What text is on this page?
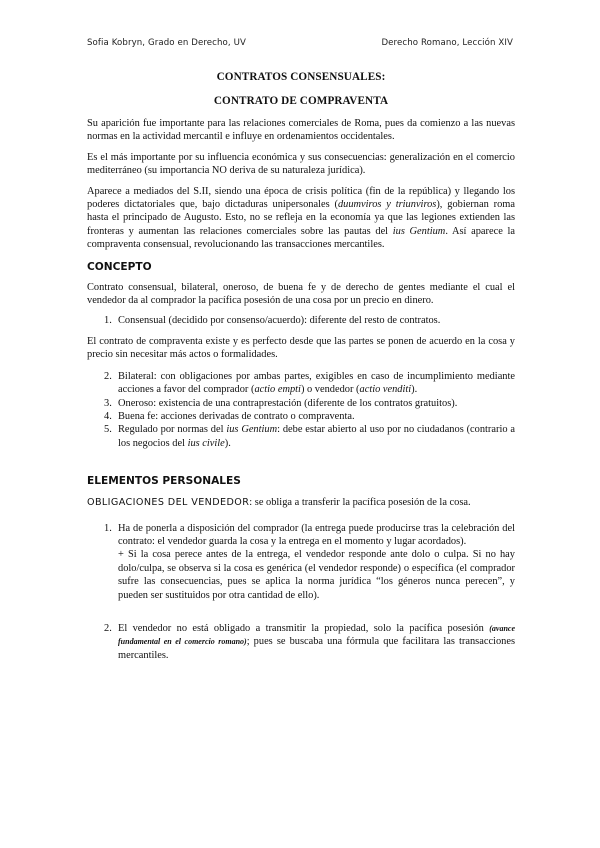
Sofia Kobryn, Grado en Derecho, UV	Derecho Romano, Lección XIV
CONTRATOS CONSENSUALES:
CONTRATO DE COMPRAVENTA

Su aparición fue importante para las relaciones comerciales de Roma, pues da comienzo a las nuevas normas en la actividad mercantil e influye en ordenamientos occidentales.

Es el más importante por su influencia económica y sus consecuencias: generalización en el comercio mediterráneo (su importancia NO deriva de su naturaleza jurídica).

Aparece a mediados del S.II, siendo una época de crisis política (fin de la república) y llegando los poderes dictatoriales que, bajo dictaduras unipersonales (duumviros y triunviros), gobiernan roma hasta el principado de Augusto. Esto, no se refleja en la economía ya que las legiones extienden las fronteras y aumentan las relaciones comerciales sobre las pautas del ius Gentium. Así aparece la compraventa consensual, revolucionando las transacciones mercantiles.

CONCEPTO

Contrato consensual, bilateral, oneroso, de buena fe y de derecho de gentes mediante el cual el vendedor da al comprador la pacífica posesión de una cosa por un precio en dinero.

1. Consensual (decidido por consenso/acuerdo): diferente del resto de contratos.

El contrato de compraventa existe y es perfecto desde que las partes se ponen de acuerdo en la cosa y precio sin necesitar más actos o formalidades.

2. Bilateral: con obligaciones por ambas partes, exigibles en caso de incumplimiento mediante acciones a favor del comprador (actio empti) o vendedor (actio venditi).
3. Oneroso: existencia de una contraprestación (diferente de los contratos gratuitos).
4. Buena fe: acciones derivadas de contrato o compraventa.
5. Regulado por normas del ius Gentium: debe estar abierto al uso por no ciudadanos (contrario a los negocios del ius civile).
ELEMENTOS PERSONALES

OBLIGACIONES DEL VENDEDOR: se obliga a transferir la pacífica posesión de la cosa.

1. Ha de ponerla a disposición del comprador (la entrega puede producirse tras la celebración del contrato: el vendedor guarda la cosa y la entrega en el momento y lugar acordados).
+ Si la cosa perece antes de la entrega, el vendedor responde ante dolo o culpa. Si no hay dolo/culpa, se observa si la cosa es genérica (el vendedor responde) o específica (el comprador sufre las consecuencias, pues se aplica la norma jurídica “los géneros nunca perecen”, y pueden ser sustituidos por otra cantidad de ello).
2. El vendedor no está obligado a transmitir la propiedad, solo la pacífica posesión (avance fundamental en el comercio romano); pues se buscaba una fórmula que facilitara las transacciones mercantiles.
